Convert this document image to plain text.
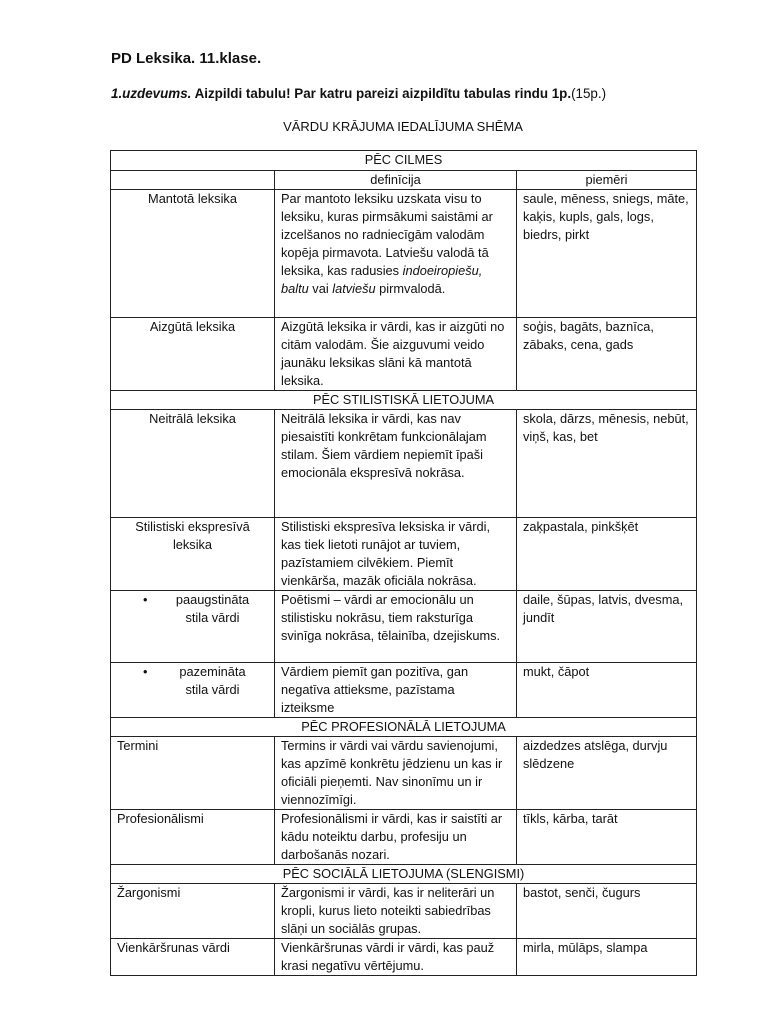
PD Leksika. 11.klase.
1.uzdevums. Aizpildi tabulu! Par katru pareizi aizpildītu tabulas rindu 1p.(15p.)
VĀRDU KRĀJUMA IEDALĪJUMA SHĒMA
PĒC CILMES		
	definīcija	piemēri
Mantotā leksika	Par mantoto leksiku uzskata visu to leksiku, kuras pirmsākumi saistāmi ar izcelšanos no radniecīgām valodām kopēja pirmavota. Latviešu valodā tā leksika, kas radusies indoeiropiešu, baltu vai latviešu pirmvalodā.	saule, mēness, sniegs, māte, kaķis, kupls, gals, logs, biedrs, pirkt
Aizgūtā leksika	Aizgūtā leksika ir vārdi, kas ir aizgūti no citām valodām. Šie aizguvumi veido jaunāku leksikas slāni kā mantotā leksika.	soģis, bagāts, baznīca, zābaks, cena, gads
PĒC STILISTISKĀ LIETOJUMA		
Neitrālā leksika	Neitrālā leksika ir vārdi, kas nav piesaistīti konkrētam funkcionālajam stilam. Šiem vārdiem nepiemīt īpaši emocionāla ekspresīvā nokrāsa.	skola, dārzs, mēnesis, nebūt, viņš, kas, bet
Stilistiski ekspresīvā leksika	Stilistiski ekspresīva leksiska ir vārdi, kas tiek lietoti runājot ar tuviem, pazīstamiem cilvēkiem. Piemīt vienkārša, mazāk oficiāla nokrāsa.	zaķpastala, pinkšķēt

• paaugstināta stila vārdi	Poētismi – vārdi ar emocionālu un stilistisku nokrāsu, tiem raksturīga svinīga nokrāsa, tēlainība, dzejiskums.	daile, šūpas, latvis, dvesma, jundīt

• pazemināta stila vārdi	Vārdiem piemīt gan pozitīva, gan negatīva attieksme, pazīstama izteiksme	mukt, čāpot
PĒC PROFESIONĀLĀ LIETOJUMA		
Termini	Termins ir vārdi vai vārdu savienojumi, kas apzīmē konkrētu jēdzienu un kas ir oficiāli pieņemti. Nav sinonīmu un ir viennozīmīgi.	aizdedzes atslēga, durvju slēdzene
Profesionālismi	Profesionālismi ir vārdi, kas ir saistīti ar kādu noteiktu darbu, profesiju un darbošanās nozari.	tīkls, kārba, tarāt
PĒC SOCIĀLĀ LIETOJUMA (SLENGISMI)		
Žargonismi	Žargonismi ir vārdi, kas ir neliterāri un kropli, kurus lieto noteikti sabiedrības slāņi un sociālās grupas.	bastot, senči, čugurs
Vienkāršrunas vārdi	Vienkāršrunas vārdi ir vārdi, kas pauž krasi negatīvu vērtējumu.	mirla, mūlāps, slampa
